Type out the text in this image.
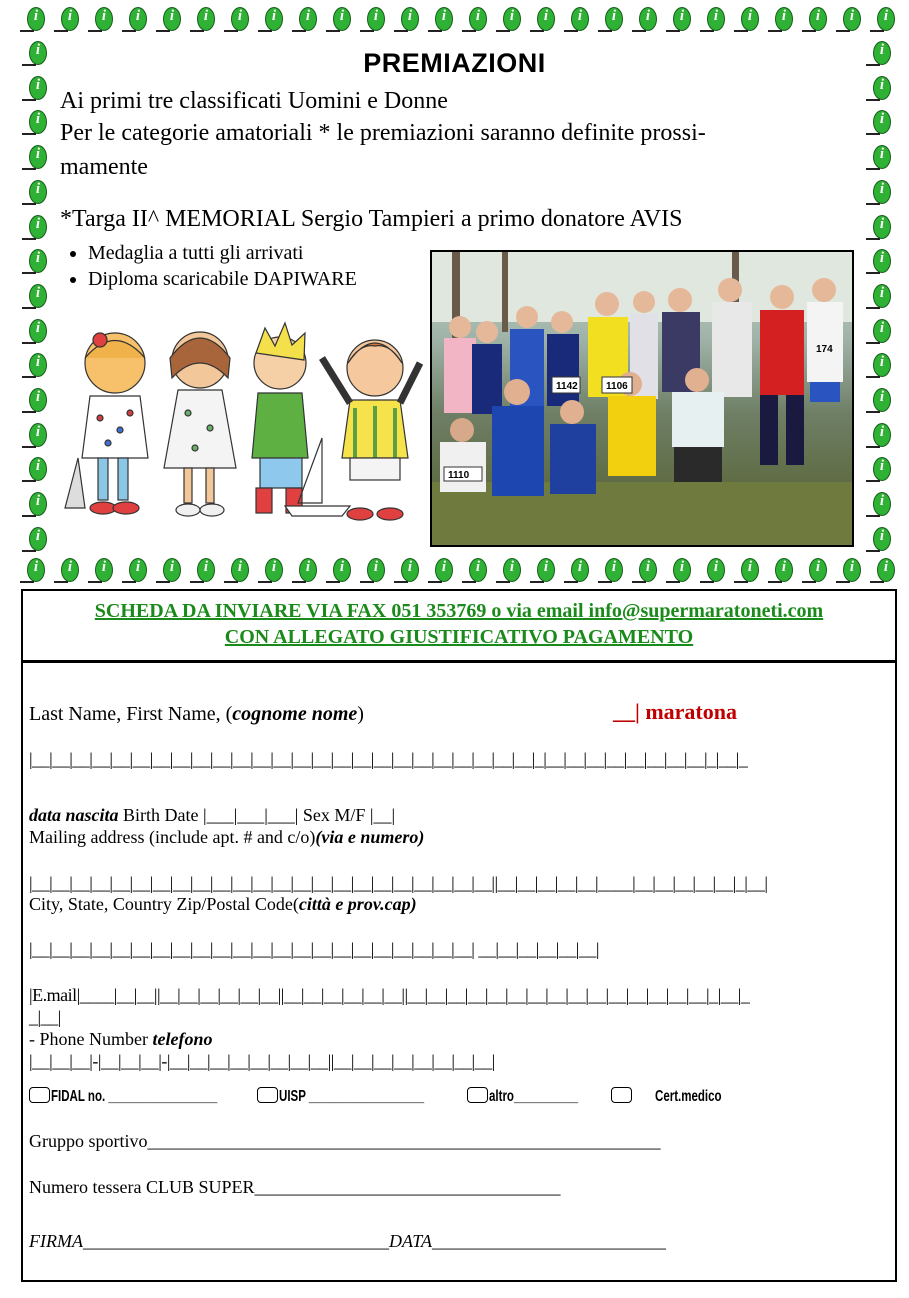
i
i
i
i
i
i
i
i
i
i
i
i
i
i
i
i
i
i
i
i
i
i
i
i
i
i
i
i
i
i
i
i
i
i
i
i
i
i
i
i
i
i
i
i
i
i
i
i
i
i
i
i
i
i
i
i
i
i
i
i
i
i
i
i
i
i
i
i
i
i
i
i
i
i
i
i
i
i
i
i
i
i
PREMIAZIONI
Ai primi tre classificati Uomini e Donne
Per le categorie amatoriali * le premiazioni saranno definite prossi-
mamente
*Targa II^ MEMORIAL Sergio Tampieri a primo donatore AVIS
• Medaglia a tutti gli arrivati
• Diploma scaricabile DAPIWARE
1142	1106
1110
174
SCHEDA DA INVIARE VIA FAX 051 353769 o via email info@supermaratoneti.com
CON ALLEGATO GIUSTIFICATIVO PAGAMENTO
Last Name, First Name, (cognome nome)	__| maratona
|__|__|__|__|__|__|__|__|__|__|__|__|__|__|__|__|__|__|__|__|__|__|__|__|__|_|__|__|__|__|__|__|__|__|_|__|_
data nascita Birth Date |___|___|___| Sex M/F |__|
Mailing address (include apt. # and c/o)(via e numero)
|__|__|__|__|__|__|__|__|__|__|__|__|__|__|__|__|__|__|__|__|__|__|__||__|__|__|__|__|____|__|__|__|__|__|_|__|
City, State, Country Zip/Postal Code(città e prov.cap)
|__|__|__|__|__|__|__|__|__|__|__|__|__|__|__|__|__|__|__|__|__|__| __|__|__|__|__|__|
|E.mail|____|__|__||__|__|__|__|__|__||__|__|__|__|__|__||__|__|__|__|__|__|__|__|__|__|__|__|__|__|__|_|__|_
_|__|
- Phone Number telefono
|__|__|__|-|__|__|__|-|__|__|__|__|__|__|__|__||__|__|__|__|__|__|__|__|
FIDAL no. _________________	UISP __________________	altro__________	Cert.medico
Gruppo sportivo_________________________________________________________
Numero tessera CLUB SUPER__________________________________
FIRMA__________________________________DATA__________________________
